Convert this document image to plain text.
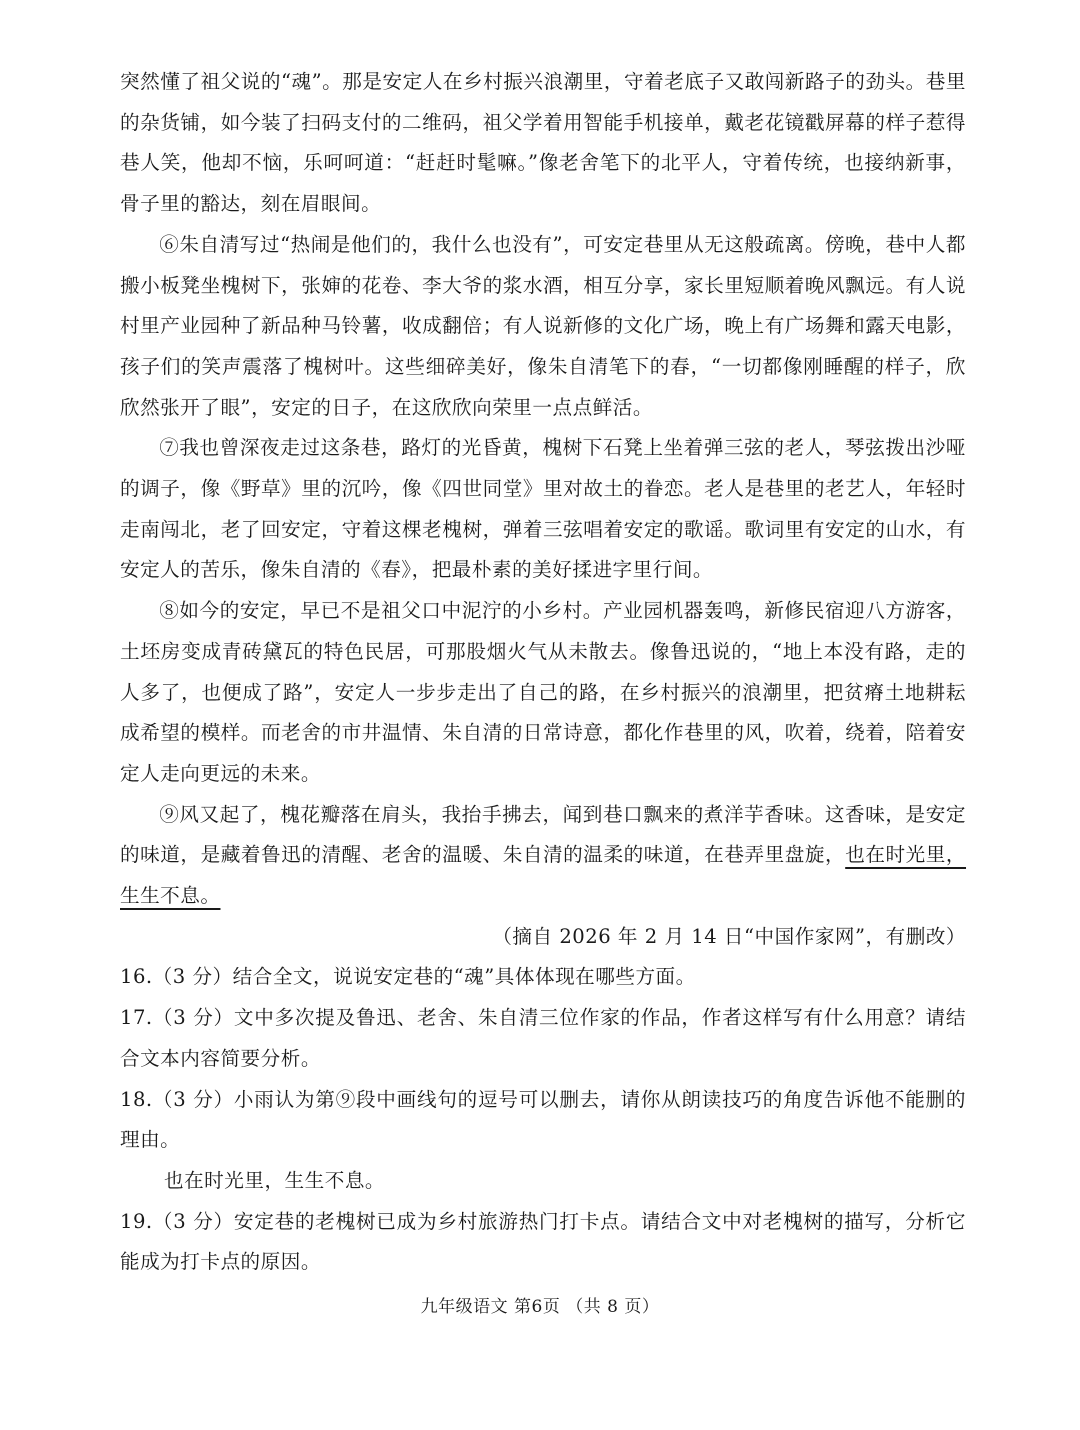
突然懂了祖父说的“魂”。那是安定人在乡村振兴浪潮里，守着老底子又敢闯新路子的劲头。巷里的杂货铺，如今装了扫码支付的二维码，祖父学着用智能手机接单，戴老花镜戳屏幕的样子惹得巷人笑，他却不恼，乐呵呵道：“赶赶时髦嘛。”像老舍笔下的北平人，守着传统，也接纳新事，骨子里的豁达，刻在眉眼间。

⑥朱自清写过“热闹是他们的，我什么也没有”，可安定巷里从无这般疏离。傍晚，巷中人都搬小板凳坐槐树下，张婶的花卷、李大爷的浆水酒，相互分享，家长里短顺着晚风飘远。有人说村里产业园种了新品种马铃薯，收成翻倍；有人说新修的文化广场，晚上有广场舞和露天电影，孩子们的笑声震落了槐树叶。这些细碎美好，像朱自清笔下的春，“一切都像刚睡醒的样子，欣欣然张开了眼”，安定的日子，在这欣欣向荣里一点点鲜活。

⑦我也曾深夜走过这条巷，路灯的光昏黄，槐树下石凳上坐着弹三弦的老人，琴弦拨出沙哑的调子，像《野草》里的沉吟，像《四世同堂》里对故土的眷恋。老人是巷里的老艺人，年轻时走南闯北，老了回安定，守着这棵老槐树，弹着三弦唱着安定的歌谣。歌词里有安定的山水，有安定人的苦乐，像朱自清的《春》，把最朴素的美好揉进字里行间。

⑧如今的安定，早已不是祖父口中泥泞的小乡村。产业园机器轰鸣，新修民宿迎八方游客，土坯房变成青砖黛瓦的特色民居，可那股烟火气从未散去。像鲁迅说的，“地上本没有路，走的人多了，也便成了路”，安定人一步步走出了自己的路，在乡村振兴的浪潮里，把贫瘠土地耕耘成希望的模样。而老舍的市井温情、朱自清的日常诗意，都化作巷里的风，吹着，绕着，陪着安定人走向更远的未来。

⑨风又起了，槐花瓣落在肩头，我抬手拂去，闻到巷口飘来的煮洋芋香味。这香味，是安定的味道，是藏着鲁迅的清醒、老舍的温暖、朱自清的温柔的味道，在巷弄里盘旋，也在时光里，生生不息。

（摘自 2026 年 2 月 14 日“中国作家网”，有删改）

16.（3 分）结合全文，说说安定巷的“魂”具体体现在哪些方面。

17.（3 分）文中多次提及鲁迅、老舍、朱自清三位作家的作品，作者这样写有什么用意？请结合文本内容简要分析。

18.（3 分）小雨认为第⑨段中画线句的逗号可以删去，请你从朗读技巧的角度告诉他不能删的理由。

也在时光里，生生不息。

19.（3 分）安定巷的老槐树已成为乡村旅游热门打卡点。请结合文中对老槐树的描写，分析它能成为打卡点的原因。

九年级语文 第6页 （共 8 页）
